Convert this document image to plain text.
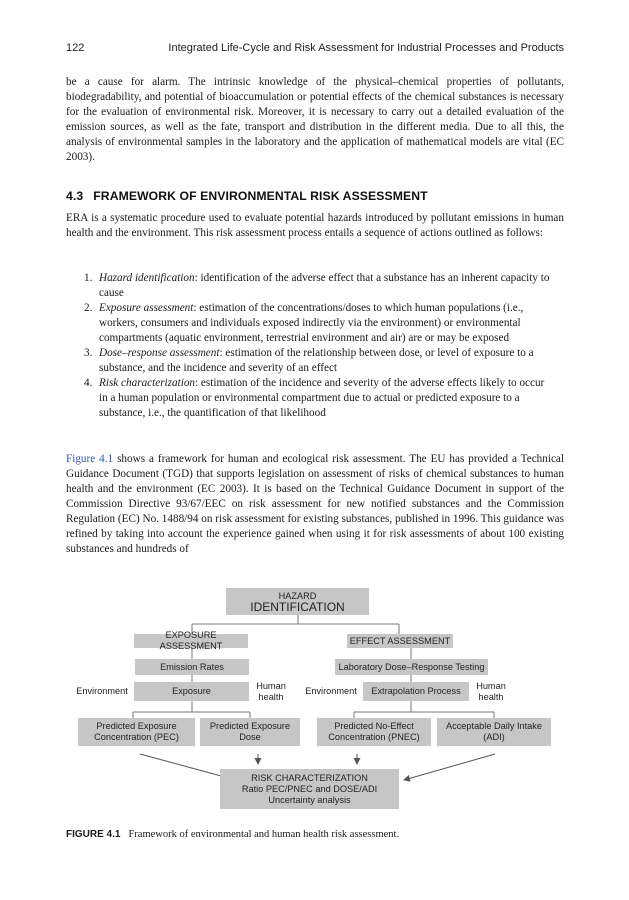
122	Integrated Life-Cycle and Risk Assessment for Industrial Processes and Products

be a cause for alarm. The intrinsic knowledge of the physical–chemical properties of pollutants, biodegradability, and potential of bioaccumulation or potential effects of the chemical substances is necessary for the evaluation of environmental risk. Moreover, it is necessary to carry out a detailed evaluation of the emission sources, as well as the fate, transport and distribution in the different media. Due to all this, the analysis of environmental samples in the laboratory and the application of mathematical models are vital (EC 2003).

4.3 FRAMEWORK OF ENVIRONMENTAL RISK ASSESSMENT

ERA is a systematic procedure used to evaluate potential hazards introduced by pollutant emissions in human health and the environment. This risk assessment process entails a sequence of actions outlined as follows:

1. Hazard identification: identification of the adverse effect that a substance has an inherent capacity to cause
2. Exposure assessment: estimation of the concentrations/doses to which human populations (i.e., workers, consumers and individuals exposed indirectly via the environment) or environmental compartments (aquatic environment, terrestrial environment and air) are or may be exposed
3. Dose–response assessment: estimation of the relationship between dose, or level of exposure to a substance, and the incidence and severity of an effect
4. Risk characterization: estimation of the incidence and severity of the adverse effects likely to occur in a human population or environmental compartment due to actual or predicted exposure to a substance, i.e., the quantification of that likelihood

Figure 4.1 shows a framework for human and ecological risk assessment. The EU has provided a Technical Guidance Document (TGD) that supports legislation on assessment of risks of chemical substances to human health and the environment (EC 2003). It is based on the Technical Guidance Document in support of the Commission Directive 93/67/EEC on risk assessment for new notified substances and the Commission Regulation (EC) No. 1488/94 on risk assessment for existing substances, published in 1996. This guidance was refined by taking into account the experience gained when using it for risk assessments of about 100 existing substances and hundreds of

HAZARD
IDENTIFICATION
EXPOSURE ASSESSMENT
EFFECT ASSESSMENT
Emission Rates	Laboratory Dose–Response Testing
Environment	Exposure	Human health
Environment	Extrapolation Process	Human health
Predicted Exposure Concentration (PEC)
Predicted Exposure Dose
Predicted No-Effect Concentration (PNEC)
Acceptable Daily Intake (ADI)
RISK CHARACTERIZATION
Ratio PEC/PNEC and DOSE/ADI
Uncertainty analysis
FIGURE 4.1 Framework of environmental and human health risk assessment.
